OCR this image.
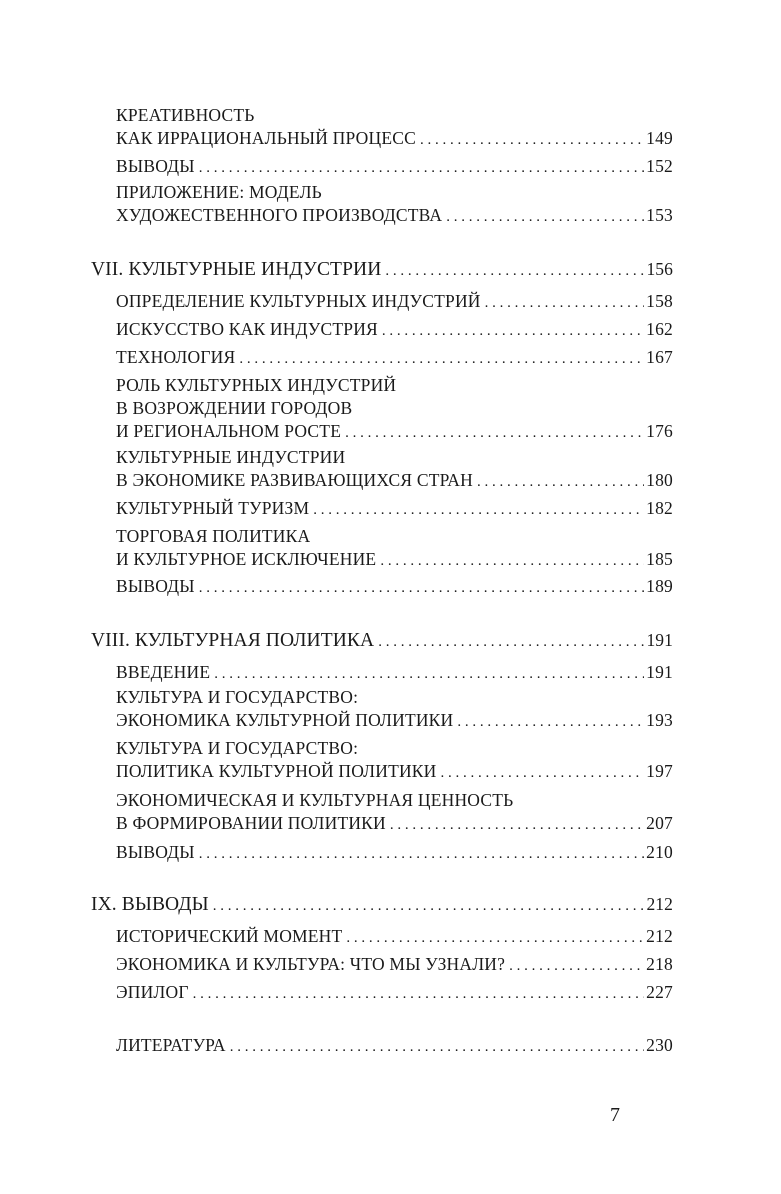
КРЕАТИВНОСТЬ
КАК ИРРАЦИОНАЛЬНЫЙ ПРОЦЕСС . . .	149
ВЫВОДЫ . . .	152
ПРИЛОЖЕНИЕ: МОДЕЛЬ
ХУДОЖЕСТВЕННОГО ПРОИЗВОДСТВА . . .	153
VII. КУЛЬТУРНЫЕ ИНДУСТРИИ . . .	156
ОПРЕДЕЛЕНИЕ КУЛЬТУРНЫХ ИНДУСТРИЙ . . .	158
ИСКУССТВО КАК ИНДУСТРИЯ . . .	162
ТЕХНОЛОГИЯ . . .	167
РОЛЬ КУЛЬТУРНЫХ ИНДУСТРИЙ
В ВОЗРОЖДЕНИИ ГОРОДОВ
И РЕГИОНАЛЬНОМ РОСТЕ . . .	176
КУЛЬТУРНЫЕ ИНДУСТРИИ
В ЭКОНОМИКЕ РАЗВИВАЮЩИХСЯ СТРАН . . .	180
КУЛЬТУРНЫЙ ТУРИЗМ . . .	182
ТОРГОВАЯ ПОЛИТИКА
И КУЛЬТУРНОЕ ИСКЛЮЧЕНИЕ . . .	185
ВЫВОДЫ . . .	189
VIII. КУЛЬТУРНАЯ ПОЛИТИКА . . .	191
ВВЕДЕНИЕ . . .	191
КУЛЬТУРА И ГОСУДАРСТВО:
ЭКОНОМИКА КУЛЬТУРНОЙ ПОЛИТИКИ . . .	193
КУЛЬТУРА И ГОСУДАРСТВО:
ПОЛИТИКА КУЛЬТУРНОЙ ПОЛИТИКИ . . .	197
ЭКОНОМИЧЕСКАЯ И КУЛЬТУРНАЯ ЦЕННОСТЬ
В ФОРМИРОВАНИИ ПОЛИТИКИ . . .	207
ВЫВОДЫ . . .	210
IX. ВЫВОДЫ . . .	212
ИСТОРИЧЕСКИЙ МОМЕНТ . . .	212
ЭКОНОМИКА И КУЛЬТУРА: ЧТО МЫ УЗНАЛИ? . . .	218
ЭПИЛОГ . . .	227
ЛИТЕРАТУРА . . .	230
7
